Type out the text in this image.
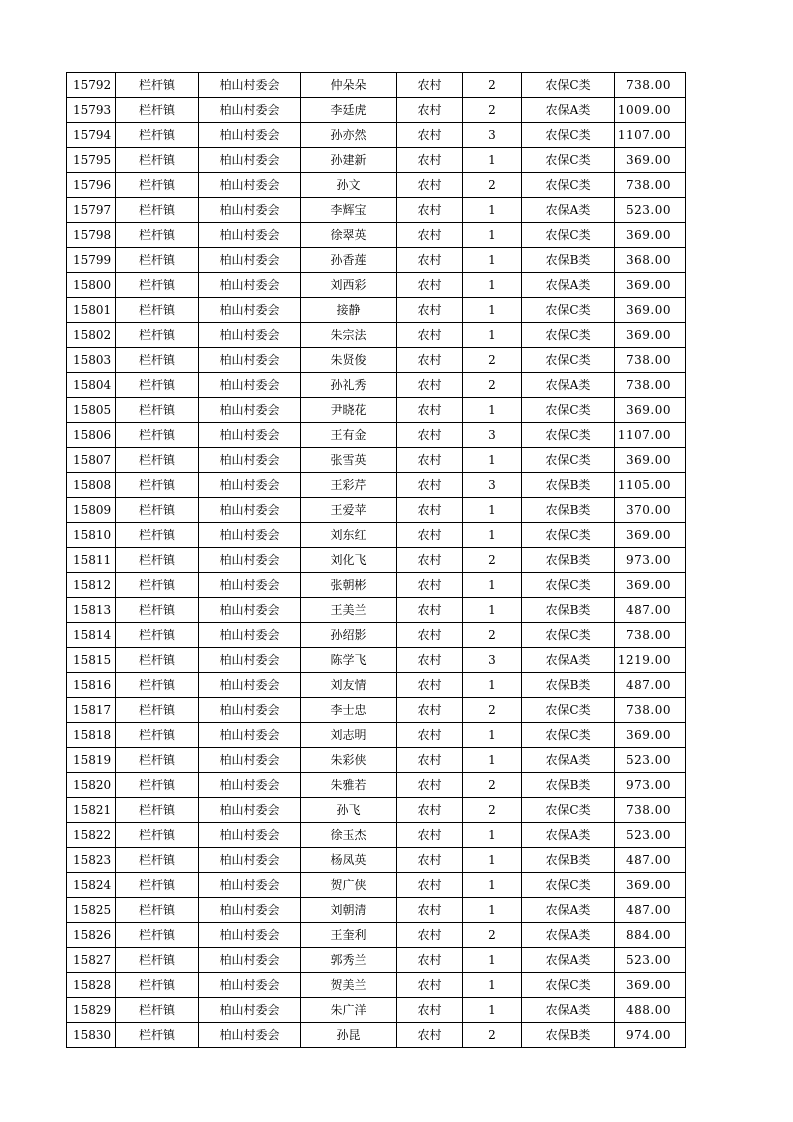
15792	栏杆镇	柏山村委会	仲朵朵	农村	2	农保C类	738.00
15793	栏杆镇	柏山村委会	李廷虎	农村	2	农保A类	1009.00
15794	栏杆镇	柏山村委会	孙亦然	农村	3	农保C类	1107.00
15795	栏杆镇	柏山村委会	孙建新	农村	1	农保C类	369.00
15796	栏杆镇	柏山村委会	孙文	农村	2	农保C类	738.00
15797	栏杆镇	柏山村委会	李辉宝	农村	1	农保A类	523.00
15798	栏杆镇	柏山村委会	徐翠英	农村	1	农保C类	369.00
15799	栏杆镇	柏山村委会	孙香莲	农村	1	农保B类	368.00
15800	栏杆镇	柏山村委会	刘西彩	农村	1	农保A类	369.00
15801	栏杆镇	柏山村委会	接静	农村	1	农保C类	369.00
15802	栏杆镇	柏山村委会	朱宗法	农村	1	农保C类	369.00
15803	栏杆镇	柏山村委会	朱贤俊	农村	2	农保C类	738.00
15804	栏杆镇	柏山村委会	孙礼秀	农村	2	农保A类	738.00
15805	栏杆镇	柏山村委会	尹晓花	农村	1	农保C类	369.00
15806	栏杆镇	柏山村委会	王有金	农村	3	农保C类	1107.00
15807	栏杆镇	柏山村委会	张雪英	农村	1	农保C类	369.00
15808	栏杆镇	柏山村委会	王彩芹	农村	3	农保B类	1105.00
15809	栏杆镇	柏山村委会	王爱苹	农村	1	农保B类	370.00
15810	栏杆镇	柏山村委会	刘东红	农村	1	农保C类	369.00
15811	栏杆镇	柏山村委会	刘化飞	农村	2	农保B类	973.00
15812	栏杆镇	柏山村委会	张朝彬	农村	1	农保C类	369.00
15813	栏杆镇	柏山村委会	王美兰	农村	1	农保B类	487.00
15814	栏杆镇	柏山村委会	孙绍影	农村	2	农保C类	738.00
15815	栏杆镇	柏山村委会	陈学飞	农村	3	农保A类	1219.00
15816	栏杆镇	柏山村委会	刘友情	农村	1	农保B类	487.00
15817	栏杆镇	柏山村委会	李士忠	农村	2	农保C类	738.00
15818	栏杆镇	柏山村委会	刘志明	农村	1	农保C类	369.00
15819	栏杆镇	柏山村委会	朱彩侠	农村	1	农保A类	523.00
15820	栏杆镇	柏山村委会	朱雅若	农村	2	农保B类	973.00
15821	栏杆镇	柏山村委会	孙飞	农村	2	农保C类	738.00
15822	栏杆镇	柏山村委会	徐玉杰	农村	1	农保A类	523.00
15823	栏杆镇	柏山村委会	杨凤英	农村	1	农保B类	487.00
15824	栏杆镇	柏山村委会	贺广侠	农村	1	农保C类	369.00
15825	栏杆镇	柏山村委会	刘朝清	农村	1	农保A类	487.00
15826	栏杆镇	柏山村委会	王奎利	农村	2	农保A类	884.00
15827	栏杆镇	柏山村委会	郭秀兰	农村	1	农保A类	523.00
15828	栏杆镇	柏山村委会	贺美兰	农村	1	农保C类	369.00
15829	栏杆镇	柏山村委会	朱广洋	农村	1	农保A类	488.00
15830	栏杆镇	柏山村委会	孙昆	农村	2	农保B类	974.00
